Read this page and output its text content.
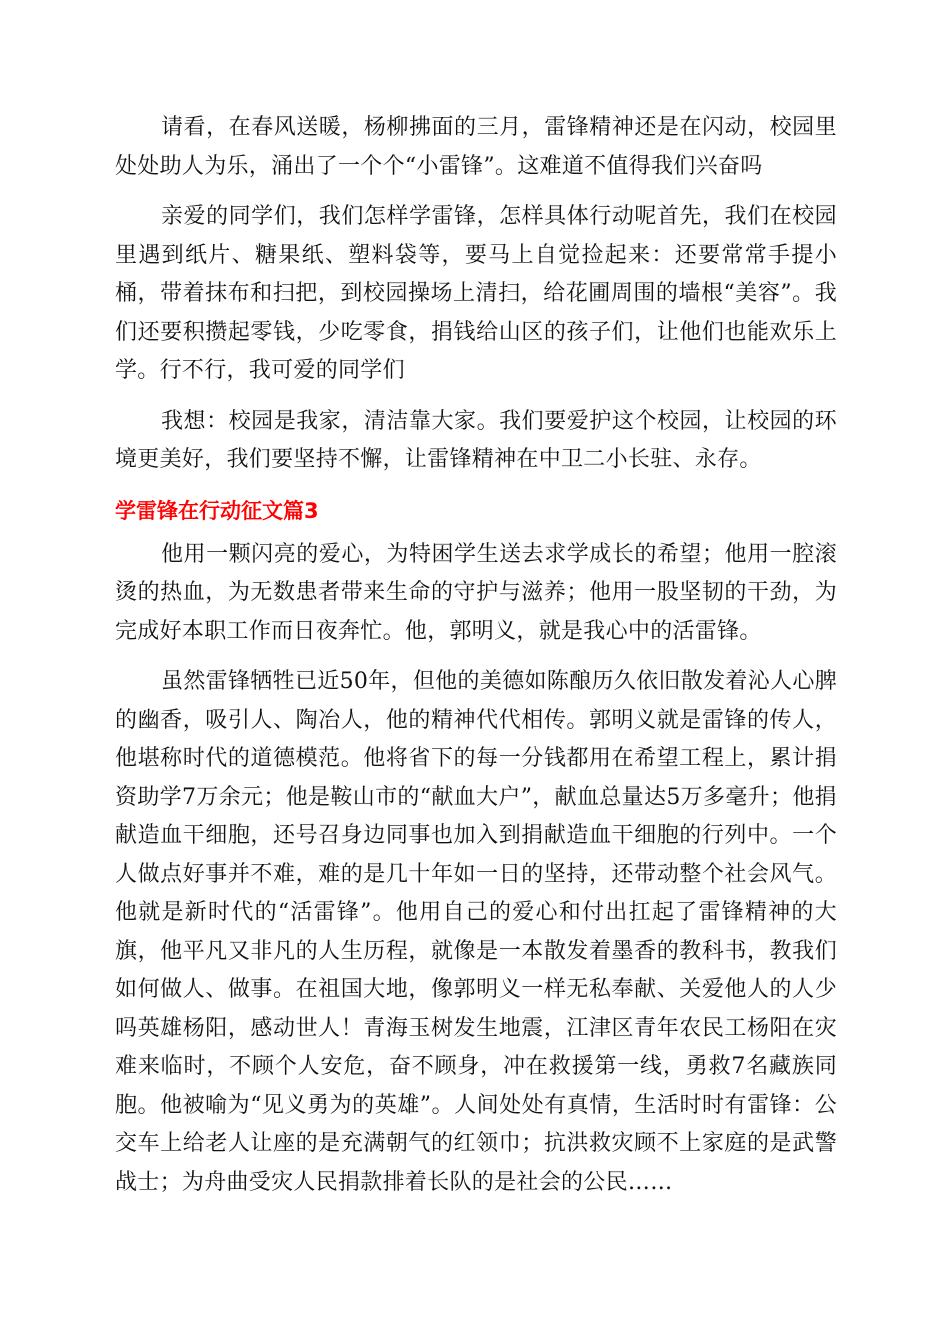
请看，在春风送暖，杨柳拂面的三月，雷锋精神还是在闪动，校园里处处助人为乐，涌出了一个个“小雷锋”。这难道不值得我们兴奋吗

亲爱的同学们，我们怎样学雷锋，怎样具体行动呢首先，我们在校园里遇到纸片、糖果纸、塑料袋等，要马上自觉捡起来：还要常常手提小桶，带着抹布和扫把，到校园操场上清扫，给花圃周围的墙根“美容”。我们还要积攒起零钱，少吃零食，捐钱给山区的孩子们，让他们也能欢乐上学。行不行，我可爱的同学们

我想：校园是我家，清洁靠大家。我们要爱护这个校园，让校园的环境更美好，我们要坚持不懈，让雷锋精神在中卫二小长驻、永存。

学雷锋在行动征文篇3

他用一颗闪亮的爱心，为特困学生送去求学成长的希望；他用一腔滚烫的热血，为无数患者带来生命的守护与滋养；他用一股坚韧的干劲，为完成好本职工作而日夜奔忙。他，郭明义，就是我心中的活雷锋。

虽然雷锋牺牲已近50年，但他的美德如陈酿历久依旧散发着沁人心脾的幽香，吸引人、陶冶人，他的精神代代相传。郭明义就是雷锋的传人，他堪称时代的道德模范。他将省下的每一分钱都用在希望工程上，累计捐资助学7万余元；他是鞍山市的“献血大户”，献血总量达5万多毫升；他捐献造血干细胞，还号召身边同事也加入到捐献造血干细胞的行列中。一个人做点好事并不难，难的是几十年如一日的坚持，还带动整个社会风气。他就是新时代的“活雷锋”。他用自己的爱心和付出扛起了雷锋精神的大旗，他平凡又非凡的人生历程，就像是一本散发着墨香的教科书，教我们如何做人、做事。在祖国大地，像郭明义一样无私奉献、关爱他人的人少吗英雄杨阳，感动世人！青海玉树发生地震，江津区青年农民工杨阳在灾难来临时，不顾个人安危，奋不顾身，冲在救援第一线，勇救7名藏族同胞。他被喻为“见义勇为的英雄”。人间处处有真情，生活时时有雷锋：公交车上给老人让座的是充满朝气的红领巾；抗洪救灾顾不上家庭的是武警战士；为舟曲受灾人民捐款排着长队的是社会的公民……
